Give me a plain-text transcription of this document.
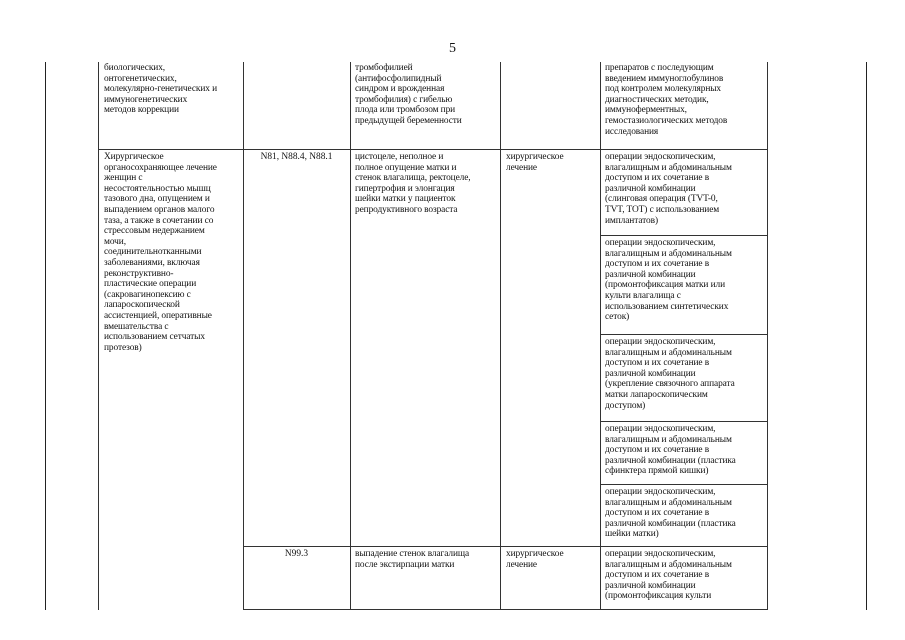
5
биологических,
онтогенетических,
молекулярно-генетических и
иммуногенетических
методов коррекции
тромбофилией
(антифосфолипидный
синдром и врожденная
тромбофилия) с гибелью
плода или тромбозом при
предыдущей беременности
препаратов с последующим
введением иммуноглобулинов
под контролем молекулярных
диагностических методик,
иммуноферментных,
гемостазиологических методов
исследования
Хирургическое
органосохраняющее лечение
женщин с
несостоятельностью мышц
тазового дна, опущением и
выпадением органов малого
таза, а также в сочетании со
стрессовым недержанием
мочи,
соединительнотканными
заболеваниями, включая
реконструктивно-
пластические операции
(сакровагинопексию с
лапароскопической
ассистенцией, оперативные
вмешательства с
использованием сетчатых
протезов)
N81, N88.4, N88.1	цистоцеле, неполное и
полное опущение матки и
стенок влагалища, ректоцеле,
гипертрофия и элонгация
шейки матки у пациенток
репродуктивного возраста
хирургическое
лечение
операции эндоскопическим,
влагалищным и абдоминальным
доступом и их сочетание в
различной комбинации
(слинговая операция (TVT-0,
TVT, TOT) с использованием
имплантатов)
операции эндоскопическим,
влагалищным и абдоминальным
доступом и их сочетание в
различной комбинации
(промонтофиксация матки или
культи влагалища с
использованием синтетических
сеток)
операции эндоскопическим,
влагалищным и абдоминальным
доступом и их сочетание в
различной комбинации
(укрепление связочного аппарата
матки лапароскопическим
доступом)
операции эндоскопическим,
влагалищным и абдоминальным
доступом и их сочетание в
различной комбинации (пластика
сфинктера прямой кишки)
операции эндоскопическим,
влагалищным и абдоминальным
доступом и их сочетание в
различной комбинации (пластика
шейки матки)
N99.3	выпадение стенок влагалища
после экстирпации матки
хирургическое
лечение
операции эндоскопическим,
влагалищным и абдоминальным
доступом и их сочетание в
различной комбинации
(промонтофиксация культи
